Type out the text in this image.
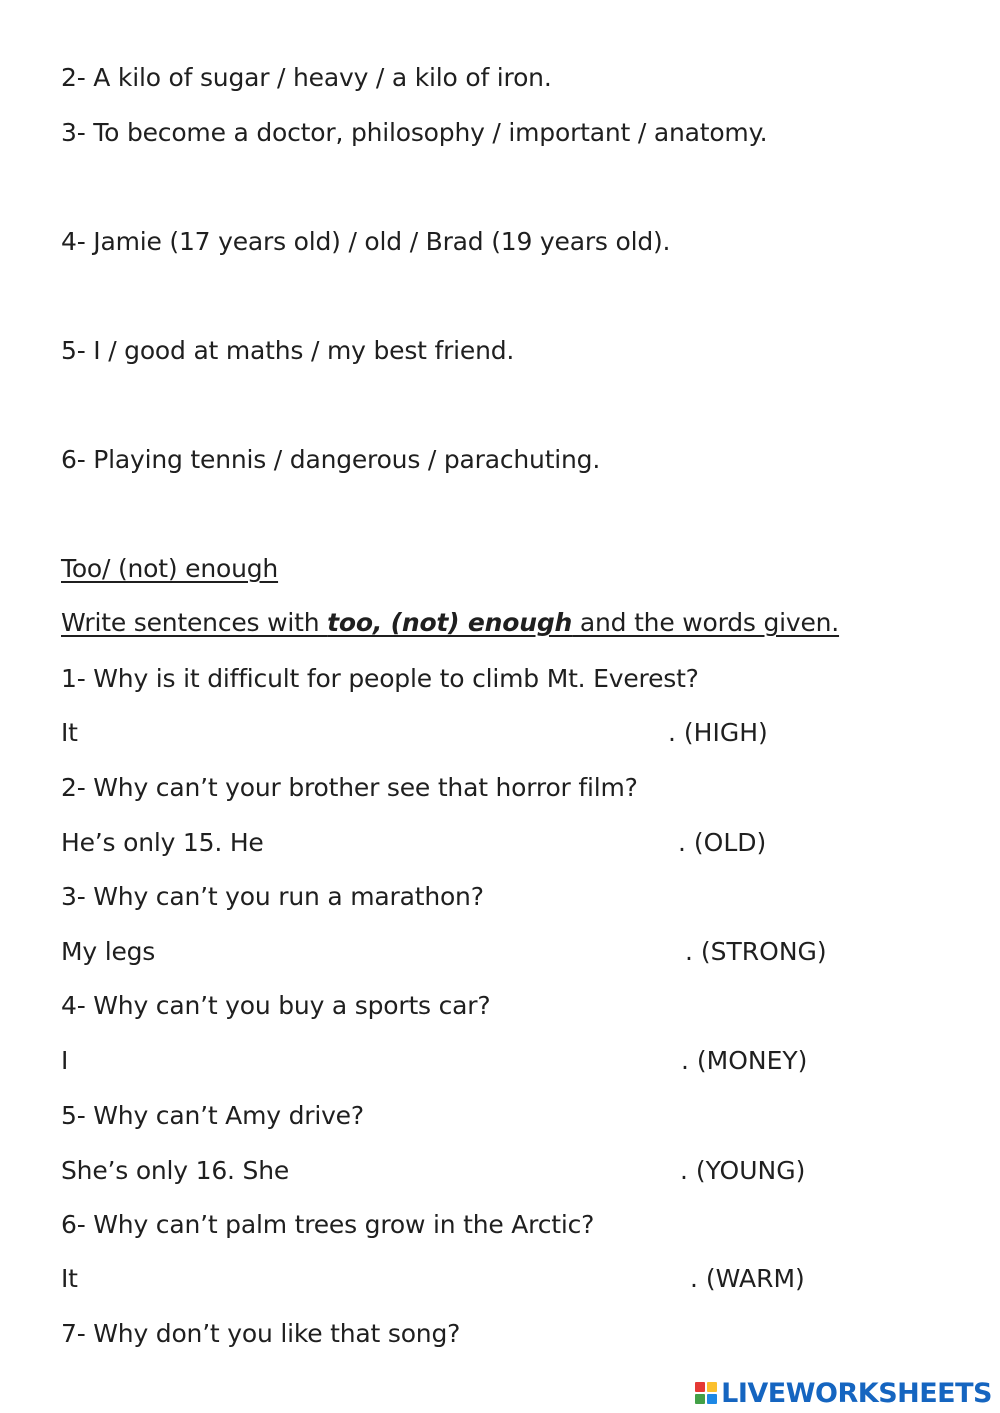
2- A kilo of sugar / heavy / a kilo of iron.
3- To become a doctor, philosophy / important / anatomy.
4- Jamie (17 years old) / old / Brad (19 years old).
5- I / good at maths / my best friend.
6- Playing tennis / dangerous / parachuting.
Too/ (not) enough
Write sentences with too, (not) enough and the words given.
1- Why is it difficult for people to climb Mt. Everest?
It	. (HIGH)
2- Why can’t your brother see that horror film?
He’s only 15. He	. (OLD)
3- Why can’t you run a marathon?
My legs	. (STRONG)
4- Why can’t you buy a sports car?
I	. (MONEY)
5- Why can’t Amy drive?
She’s only 16. She	. (YOUNG)
6- Why can’t palm trees grow in the Arctic?
It	. (WARM)
7- Why don’t you like that song?
LIVEWORKSHEETS
